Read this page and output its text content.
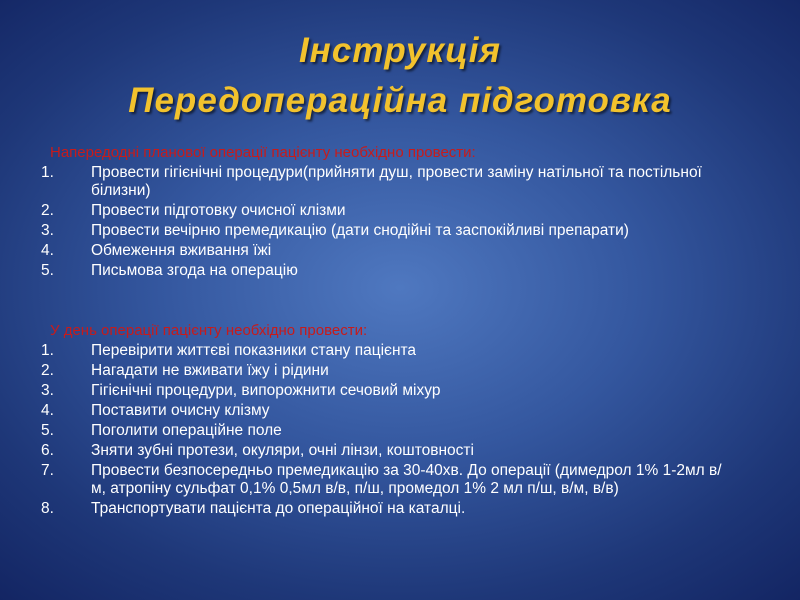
Інструкція
Передопераційна підготовка
Напередодні планової операції пацієнту необхідно провести:
1. Провести гігієнічні процедури(прийняти душ, провести заміну натільної та постільної білизни)
2. Провести підготовку очисної клізми
3. Провести вечірню премедикацію (дати снодійні та заспокійливі препарати)
4. Обмеження вживання їжі
5. Письмова згода на операцію
У день операції пацієнту необхідно провести:
1. Перевірити життєві показники стану пацієнта
2. Нагадати не вживати їжу і рідини
3. Гігієнічні процедури, випорожнити сечовий міхур
4. Поставити очисну клізму
5. Поголити операційне поле
6. Зняти зубні протези, окуляри, очні лінзи, коштовності
7. Провести безпосередньо премедикацію за 30-40хв. До операції (димедрол 1% 1-2мл в/м, атропіну сульфат 0,1% 0,5мл в/в, п/ш, промедол 1% 2 мл п/ш, в/м, в/в)
8. Транспортувати пацієнта до операційної на каталці.
